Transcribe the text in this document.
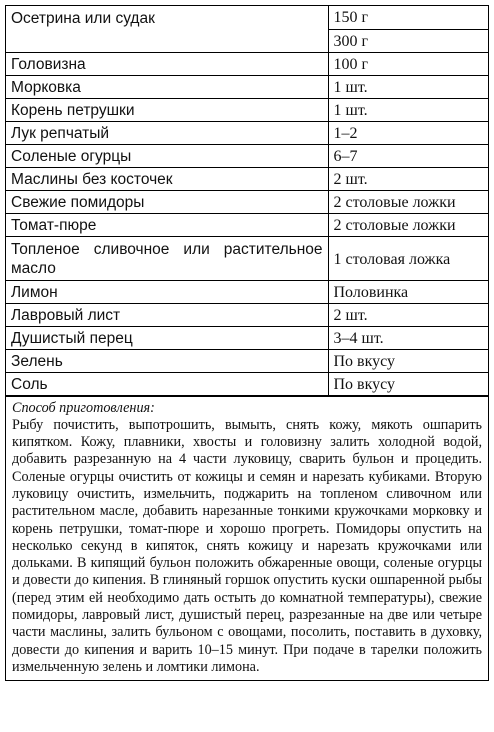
Осетрина или судак	150 г
	300 г
Головизна	100 г
Морковка	1 шт.
Корень петрушки	1 шт.
Лук репчатый	1–2
Соленые огурцы	6–7
Маслины без косточек	2 шт.
Свежие помидоры	2 столовые ложки
Томат-пюре	2 столовые ложки
Топленое сливочное или растительное масло	1 столовая ложка
Лимон	Половинка
Лавровый лист	2 шт.
Душистый перец	3–4 шт.
Зелень	По вкусу
Соль	По вкусу
Способ приготовления:

Рыбу почистить, выпотрошить, вымыть, снять кожу, мякоть ошпарить кипятком. Кожу, плавники, хвосты и головизну залить холодной водой, добавить разрезанную на 4 части луковицу, сварить бульон и процедить. Соленые огурцы очистить от кожицы и семян и нарезать кубиками. Вторую луковицу очистить, измельчить, поджарить на топленом сливочном или растительном масле, добавить нарезанные тонкими кружочками морковку и корень петрушки, томат-пюре и хорошо прогреть. Помидоры опустить на несколько секунд в кипяток, снять кожицу и нарезать кружочками или дольками. В кипящий бульон положить обжаренные овощи, соленые огурцы и довести до кипения. В глиняный горшок опустить куски ошпаренной рыбы (перед этим ей необходимо дать остыть до комнатной температуры), свежие помидоры, лавровый лист, душистый перец, разрезанные на две или четыре части маслины, залить бульоном с овощами, посолить, поставить в духовку, довести до кипения и варить 10–15 минут. При подаче в тарелки положить измельченную зелень и ломтики лимона.
